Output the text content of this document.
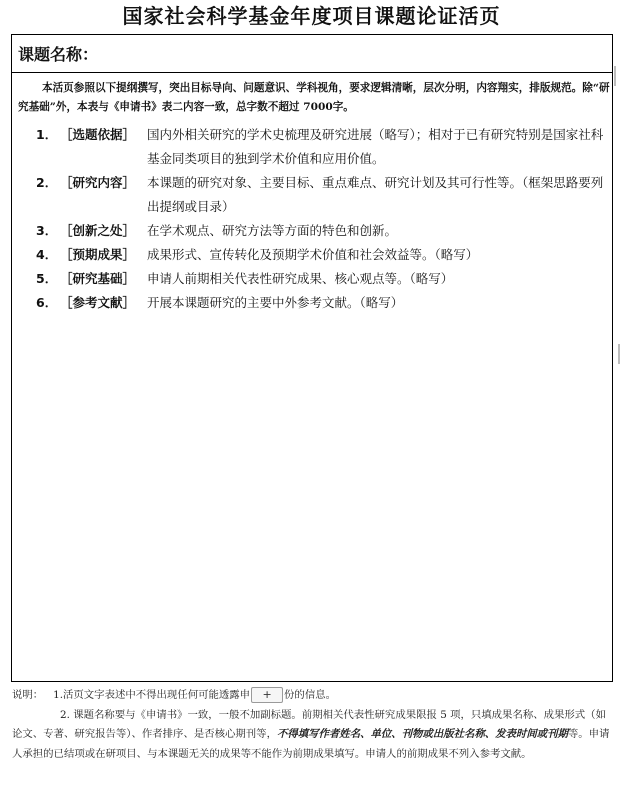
国家社会科学基金年度项目课题论证活页
课题名称：
本活页参照以下提纲撰写，突出目标导向、问题意识、学科视角，要求逻辑清晰，层次分明，内容翔实，排版规范。除“研究基础”外，本表与《申请书》表二内容一致，总字数不超过 7000字。
1． ［选题依据］ 国内外相关研究的学术史梳理及研究进展（略写）；相对于已有研究特别是国家社科基金同类项目的独到学术价值和应用价值。
2． ［研究内容］ 本课题的研究对象、主要目标、重点难点、研究计划及其可行性等。（框架思路要列出提纲或目录）
3． ［创新之处］ 在学术观点、研究方法等方面的特色和创新。
4． ［预期成果］ 成果形式、宣传转化及预期学术价值和社会效益等。（略写）
5． ［研究基础］ 申请人前期相关代表性研究成果、核心观点等。（略写）
6． ［参考文献］ 开展本课题研究的主要中外参考文献。（略写）
说明： 1.活页文字表述中不得出现任何可能透露申 + 份的信息。
2. 课题名称要与《申请书》一致，一般不加副标题。前期相关代表性研究成果限报 5 项，只填成果名称、成果形式（如论文、专著、研究报告等）、作者排序、是否核心期刊等，不得填写作者姓名、单位、刊物或出版社名称、发表时间或刊期等。申请人承担的已结项或在研项目、与本课题无关的成果等不能作为前期成果填写。申请人的前期成果不列入参考文献。
